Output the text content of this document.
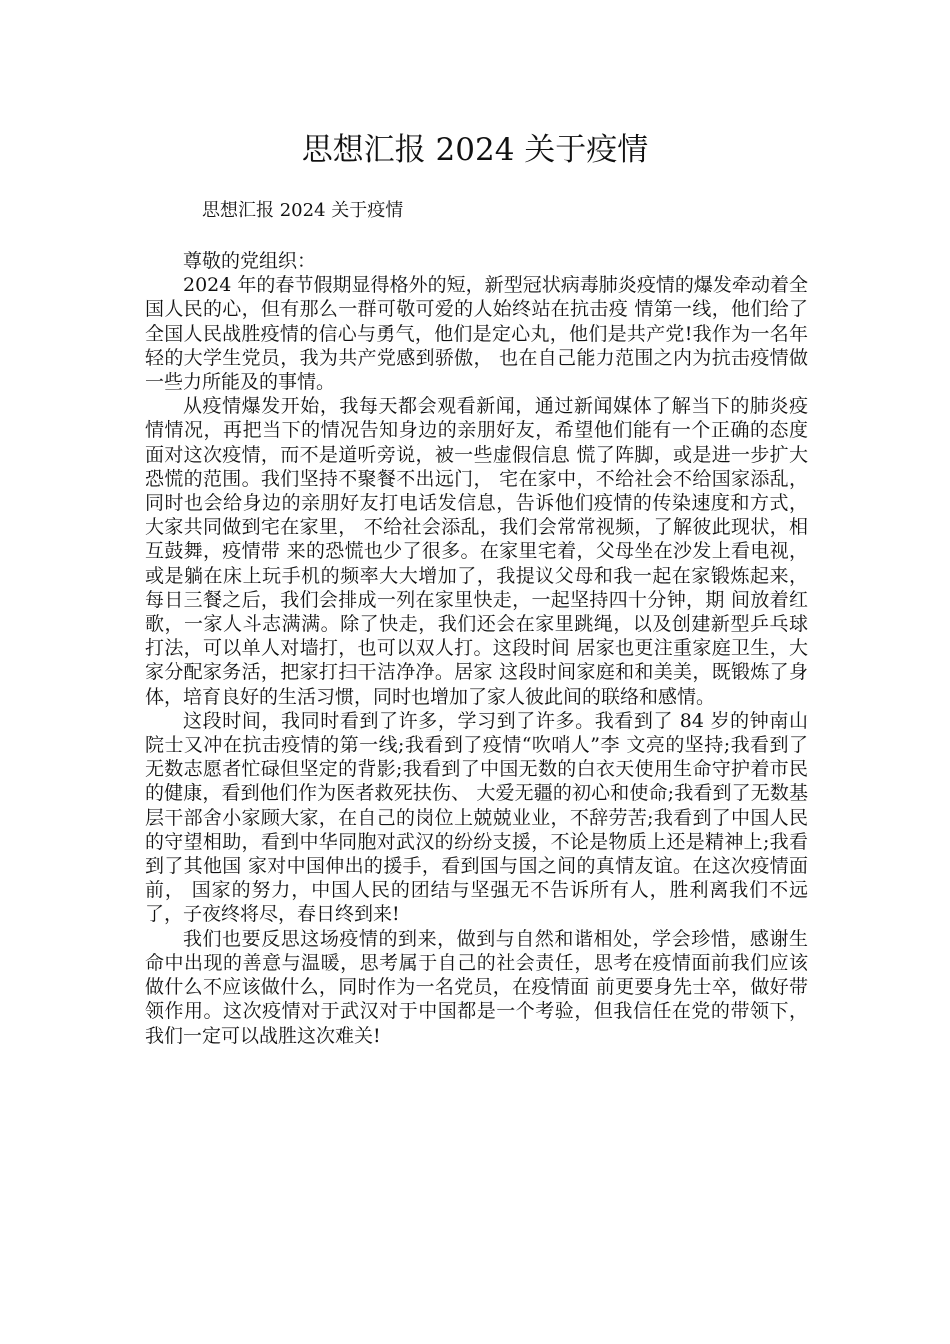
思想汇报 2024 关于疫情
思想汇报 2024 关于疫情

尊敬的党组织：

2024 年的春节假期显得格外的短，新型冠状病毒肺炎疫情的爆发牵动着全国人民的心，但有那么一群可敬可爱的人始终站在抗击疫 情第一线，他们给了全国人民战胜疫情的信心与勇气，他们是定心丸，他们是共产党!我作为一名年轻的大学生党员，我为共产党感到骄傲， 也在自己能力范围之内为抗击疫情做一些力所能及的事情。

从疫情爆发开始，我每天都会观看新闻，通过新闻媒体了解当下的肺炎疫情情况，再把当下的情况告知身边的亲朋好友，希望他们能有一个正确的态度面对这次疫情，而不是道听旁说，被一些虚假信息 慌了阵脚，或是进一步扩大恐慌的范围。我们坚持不聚餐不出远门， 宅在家中，不给社会不给国家添乱，同时也会给身边的亲朋好友打电话发信息，告诉他们疫情的传染速度和方式，大家共同做到宅在家里， 不给社会添乱，我们会常常视频，了解彼此现状，相互鼓舞，疫情带 来的恐慌也少了很多。在家里宅着，父母坐在沙发上看电视，或是躺在床上玩手机的频率大大增加了，我提议父母和我一起在家锻炼起来， 每日三餐之后，我们会排成一列在家里快走，一起坚持四十分钟，期 间放着红歌，一家人斗志满满。除了快走，我们还会在家里跳绳，以及创建新型乒乓球打法，可以单人对墙打，也可以双人打。这段时间 居家也更注重家庭卫生，大家分配家务活，把家打扫干洁净净。居家 这段时间家庭和和美美，既锻炼了身体，培育良好的生活习惯，同时也增加了家人彼此间的联络和感情。

这段时间，我同时看到了许多，学习到了许多。我看到了 84 岁的钟南山院士又冲在抗击疫情的第一线;我看到了疫情“吹哨人”李 文亮的坚持;我看到了无数志愿者忙碌但坚定的背影;我看到了中国无数的白衣天使用生命守护着市民的健康，看到他们作为医者救死扶伤、 大爱无疆的初心和使命;我看到了无数基层干部舍小家顾大家，在自己的岗位上兢兢业业，不辞劳苦;我看到了中国人民的守望相助，看到中华同胞对武汉的纷纷支援，不论是物质上还是精神上;我看到了其他国 家对中国伸出的援手，看到国与国之间的真情友谊。在这次疫情面前， 国家的努力，中国人民的团结与坚强无不告诉所有人，胜利离我们不远了，子夜终将尽，春日终到来!

我们也要反思这场疫情的到来，做到与自然和谐相处，学会珍惜，感谢生命中出现的善意与温暖，思考属于自己的社会责任，思考在疫情面前我们应该做什么不应该做什么，同时作为一名党员，在疫情面 前更要身先士卒，做好带领作用。这次疫情对于武汉对于中国都是一个考验，但我信任在党的带领下，我们一定可以战胜这次难关!
